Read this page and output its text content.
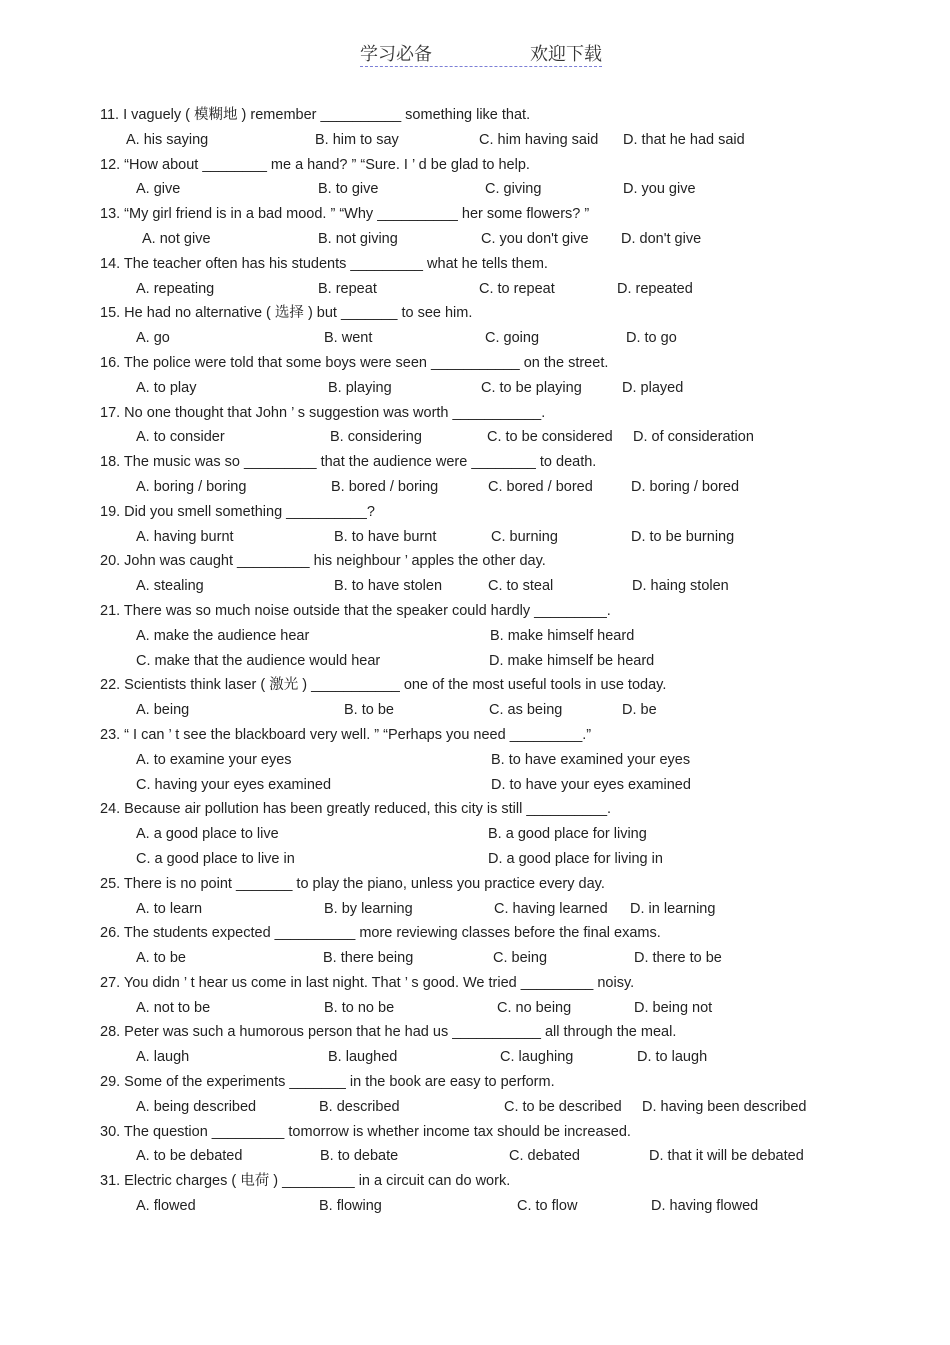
学习必备	欢迎下载
11. I vaguely ( 模糊地 ) remember __________ something like that.
A. his saying	B. him to say	C. him having said D. that he had said
12. “How about ________ me a hand? ” “Sure. I ’ d be glad to help.
A. give	B. to give	C. giving	D. you give
13. “My girl friend is in a bad mood. ” “Why __________ her some flowers? ”
A. not give	B. not giving	C. you don't give D. don't give
14. The teacher often has his students _________ what he tells them.
A. repeating	B. repeat	C. to repeat	D. repeated
15. He had no alternative ( 选择 ) but _______ to see him.
A. go	B. went	C. going	D. to go
16. The police were told that some boys were seen ___________ on the street.
A. to play	B. playing	C. to be playing	D. played
17. No one thought that John ’ s suggestion was worth ___________.
A. to consider	B. considering	C. to be considered D. of consideration
18. The music was so _________ that the audience were ________ to death.
A. boring / boring	B. bored / boring	C. bored / bored	D. boring / bored
19. Did you smell something __________?
A. having burnt	B. to have burnt	C. burning	D. to be burning
20. John was caught _________ his neighbour ’ apples the other day.
A. stealing	B. to have stolen	C. to steal	D. haing stolen
21. There was so much noise outside that the speaker could hardly _________.
A. make the audience hear	B. make himself heard
C. make that the audience would hear	D. make himself be heard
22. Scientists think laser ( 激光 ) ___________ one of the most useful tools in use today.
A. being	B. to be	C. as being	D. be
23. “ I can ’ t see the blackboard very well. ” “Perhaps you need _________.”
A. to examine your eyes	B. to have examined your eyes
C. having your eyes examined	D. to have your eyes examined
24. Because air pollution has been greatly reduced, this city is still __________.
A. a good place to live	B. a good place for living
C. a good place to live in	D. a good place for living in
25. There is no point _______ to play the piano, unless you practice every day.
A. to learn	B. by learning	C. having learned D. in learning
26. The students expected __________ more reviewing classes before the final exams.
A. to be	B. there being	C. being	D. there to be
27. You didn ’ t hear us come in last night. That ’ s good. We tried _________ noisy.
A. not to be	B. to no be	C. no being	D. being not
28. Peter was such a humorous person that he had us ___________ all through the meal.
A. laugh	B. laughed	C. laughing	D. to laugh
29. Some of the experiments _______ in the book are easy to perform.
A. being described	B. described	C. to be described D. having been described
30. The question _________ tomorrow is whether income tax should be increased.
A. to be debated	B. to debate	C. debated	D. that it will be debated
31. Electric charges ( 电荷 ) _________ in a circuit can do work.
A. flowed	B. flowing	C. to flow	D. having flowed
